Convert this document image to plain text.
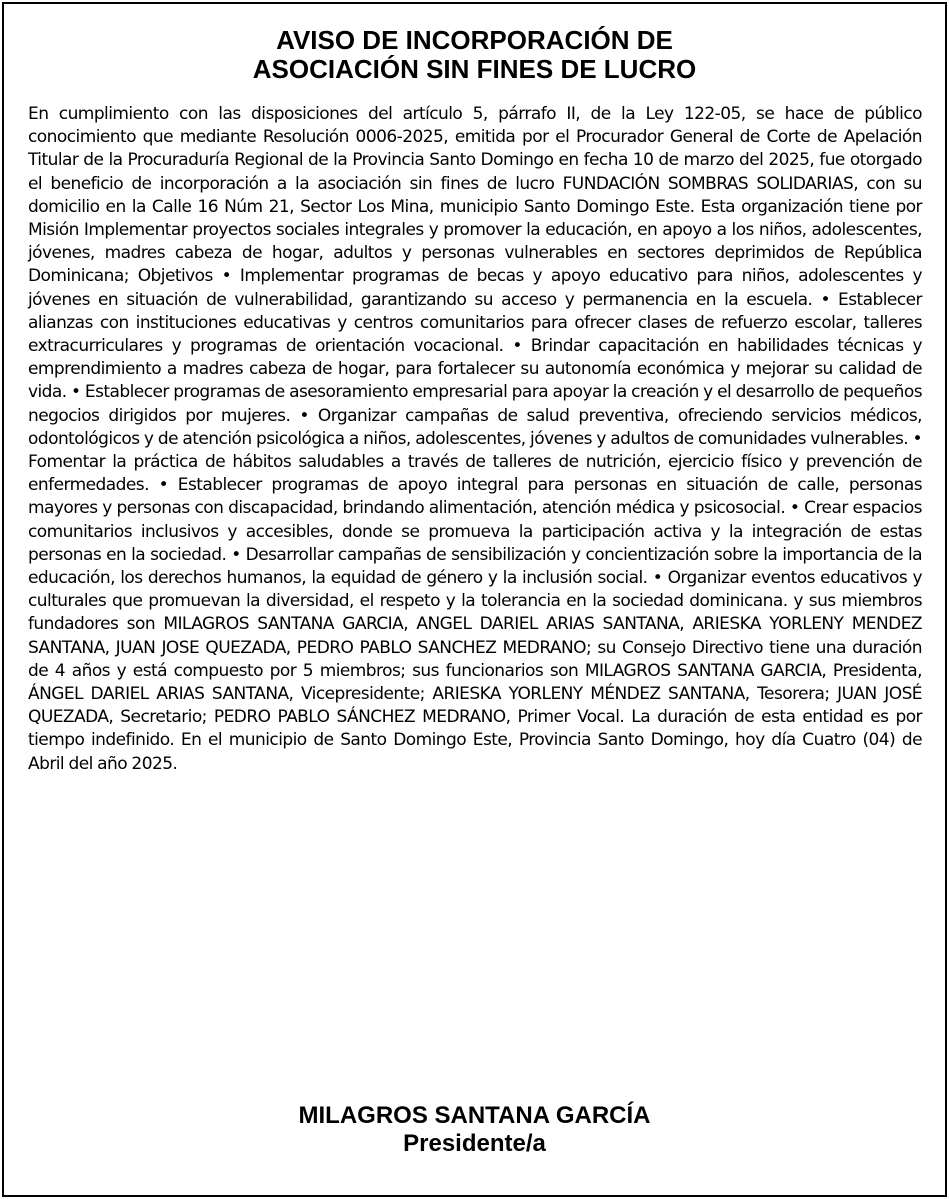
AVISO DE INCORPORACIÓN DE
ASOCIACIÓN SIN FINES DE LUCRO
En cumplimiento con las disposiciones del artículo 5, párrafo II, de la Ley 122-05, se hace de público conocimiento que mediante Resolución 0006-2025, emitida por el Procurador General de Corte de Apelación Titular de la Procuraduría Regional de la Provincia Santo Domingo en fecha 10 de marzo del 2025, fue otorgado el beneficio de incorporación a la asociación sin fines de lucro FUNDACIÓN SOMBRAS SOLIDARIAS, con su domicilio en la Calle 16 Núm 21, Sector Los Mina, municipio Santo Domingo Este. Esta organización tiene por Misión Implementar proyectos sociales integrales y promover la educación, en apoyo a los niños, adolescentes, jóvenes, madres cabeza de hogar, adultos y personas vulnerables en sectores deprimidos de República Dominicana; Objetivos • Implementar programas de becas y apoyo educativo para niños, adolescentes y jóvenes en situación de vulnerabilidad, garantizando su acceso y permanencia en la escuela. • Establecer alianzas con instituciones educativas y centros comunitarios para ofrecer clases de refuerzo escolar, talleres extracurriculares y programas de orientación vocacional. • Brindar capacitación en habilidades técnicas y emprendimiento a madres cabeza de hogar, para fortalecer su autonomía económica y mejorar su calidad de vida. • Establecer programas de asesoramiento empresarial para apoyar la creación y el desarrollo de pequeños negocios dirigidos por mujeres. • Organizar campañas de salud preventiva, ofreciendo servicios médicos, odontológicos y de atención psicológica a niños, adolescentes, jóvenes y adultos de comunidades vulnerables. • Fomentar la práctica de hábitos saludables a través de talleres de nutrición, ejercicio físico y prevención de enfermedades. • Establecer programas de apoyo integral para personas en situación de calle, personas mayores y personas con discapacidad, brindando alimentación, atención médica y psicosocial. • Crear espacios comunitarios inclusivos y accesibles, donde se promueva la participación activa y la integración de estas personas en la sociedad. • Desarrollar campañas de sensibilización y concientización sobre la importancia de la educación, los derechos humanos, la equidad de género y la inclusión social. • Organizar eventos educativos y culturales que promuevan la diversidad, el respeto y la tolerancia en la sociedad dominicana. y sus miembros fundadores son MILAGROS SANTANA GARCIA, ANGEL DARIEL ARIAS SANTANA, ARIESKA YORLENY MENDEZ SANTANA, JUAN JOSE QUEZADA, PEDRO PABLO SANCHEZ MEDRANO; su Consejo Directivo tiene una duración de 4 años y está compuesto por 5 miembros; sus funcionarios son MILAGROS SANTANA GARCIA, Presidenta, ÁNGEL DARIEL ARIAS SANTANA, Vicepresidente; ARIESKA YORLENY MÉNDEZ SANTANA, Tesorera; JUAN JOSÉ QUEZADA, Secretario; PEDRO PABLO SÁNCHEZ MEDRANO, Primer Vocal. La duración de esta entidad es por tiempo indefinido. En el municipio de Santo Domingo Este, Provincia Santo Domingo, hoy día Cuatro (04) de Abril del año 2025.
MILAGROS SANTANA GARCÍA
Presidente/a
